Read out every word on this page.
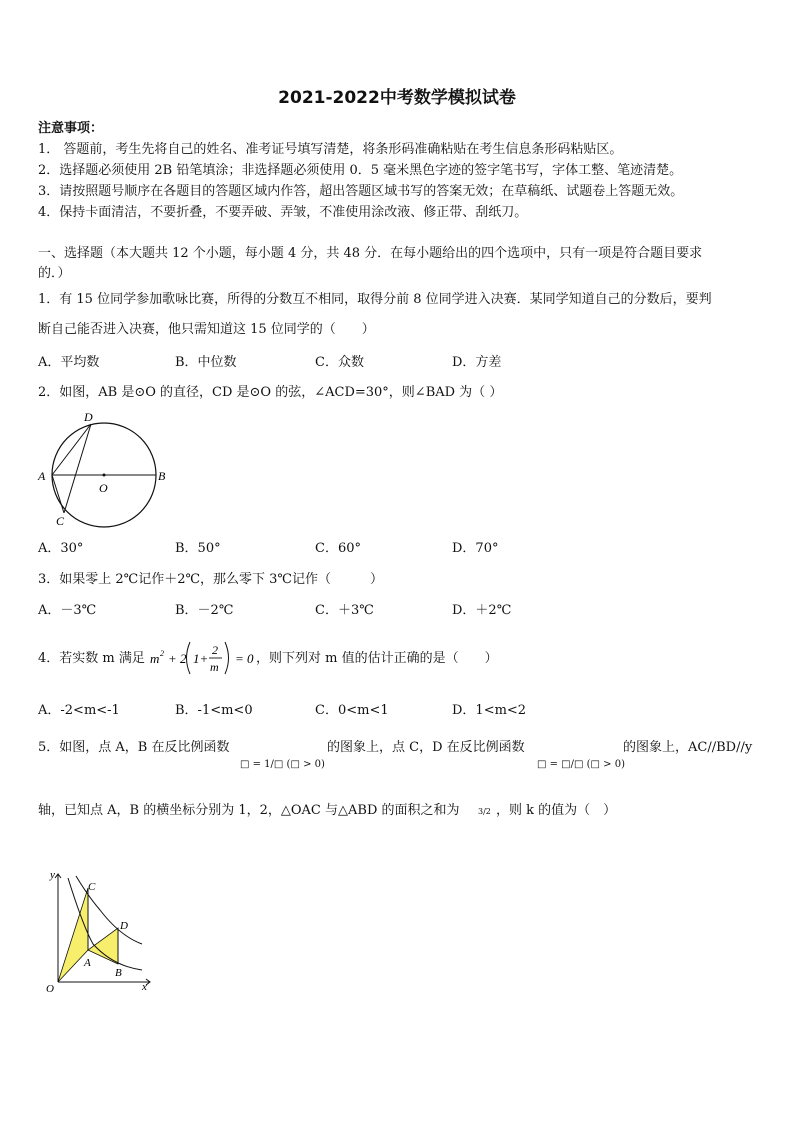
2021-2022中考数学模拟试卷
注意事项：
1． 答题前，考生先将自己的姓名、准考证号填写清楚，将条形码准确粘贴在考生信息条形码粘贴区。
2．选择题必须使用 2B 铅笔填涂；非选择题必须使用 0．5 毫米黑色字迹的签字笔书写，字体工整、笔迹清楚。
3．请按照题号顺序在各题目的答题区域内作答，超出答题区域书写的答案无效；在草稿纸、试题卷上答题无效。
4．保持卡面清洁，不要折叠，不要弄破、弄皱，不准使用涂改液、修正带、刮纸刀。
一、选择题（本大题共 12 个小题，每小题 4 分，共 48 分．在每小题给出的四个选项中，只有一项是符合题目要求
的．）
1．有 15 位同学参加歌咏比赛，所得的分数互不相同，取得分前 8 位同学进入决赛．某同学知道自己的分数后，要判
断自己能否进入决赛，他只需知道这 15 位同学的（　　）
A．平均数	B．中位数	C．众数	D．方差
2．如图，AB 是⊙O 的直径，CD 是⊙O 的弦，∠ACD=30°，则∠BAD 为（ ）
D
A	B
O
C
A．30°	B．50°	C．60°	D．70°
3．如果零上 2℃记作＋2℃，那么零下 3℃记作（　　　）
A．－3℃	B．－2℃	C．＋3℃	D．＋2℃
4．若实数 m 满足 m 2 + 2 1+
2
m
= 0 ，则下列对 m 值的估计正确的是（　　）
A．-2<m<-1	B．-1<m<0	C．0<m<1	D．1<m<2
5．如图，点 A，B 在反比例函数
□ = 1/□ (□ > 0)
的图象上，点 C，D 在反比例函数
□ = □/□ (□ > 0)
的图象上，AC//BD//y
轴，已知点 A，B 的横坐标分别为 1，2，△OAC 与△ABD 的面积之和为 3/2 ，则 k 的值为（　）
y
x
O
C
A
D
B
